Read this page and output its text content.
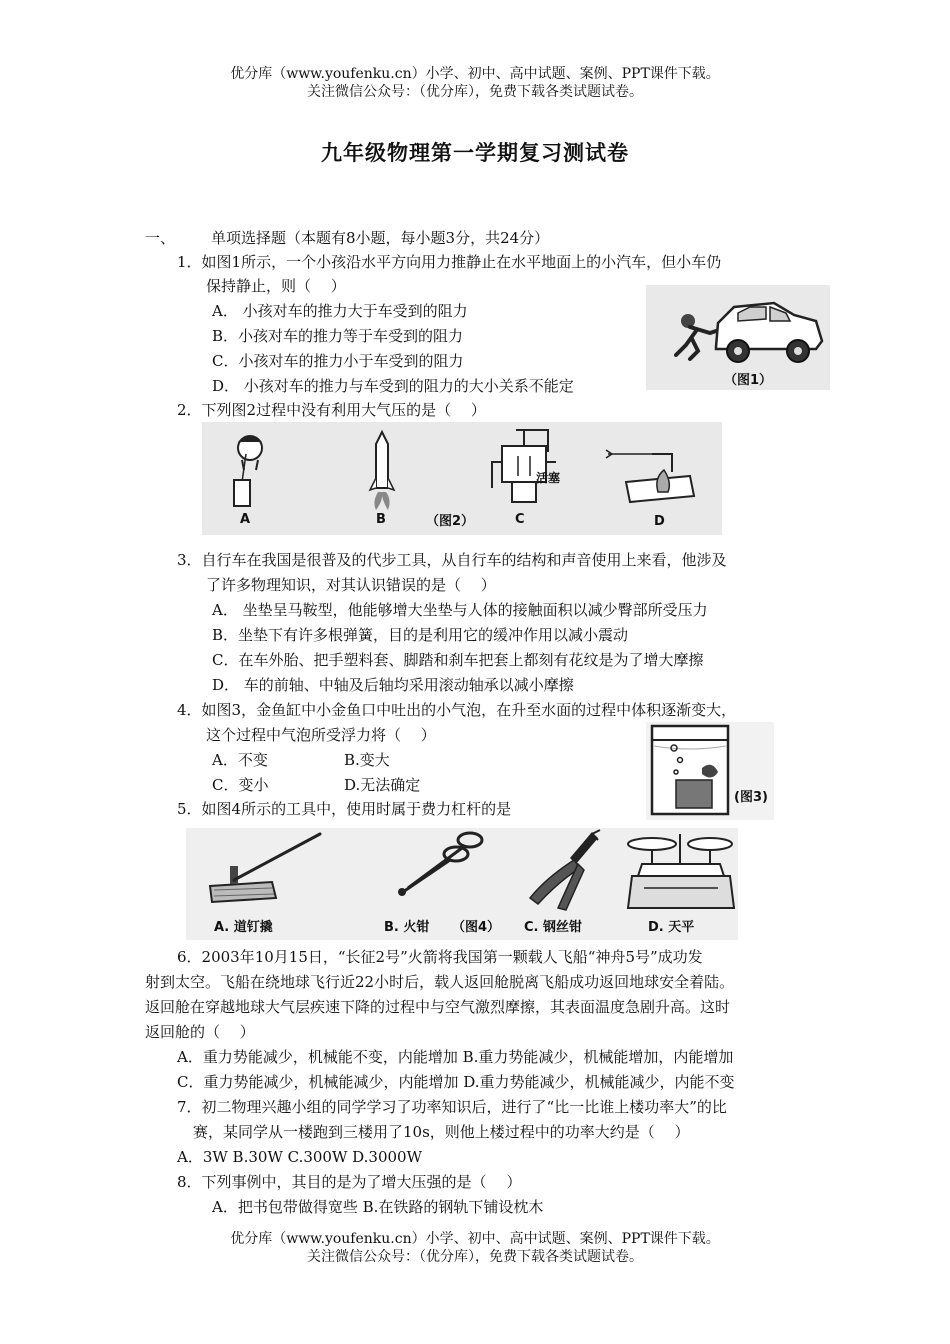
优分库（www.youfenku.cn）小学、初中、高中试题、案例、PPT课件下载。
关注微信公众号：（优分库），免费下载各类试题试卷。
九年级物理第一学期复习测试卷
一、 单项选择题（本题有8小题，每小题3分，共24分）
1．如图1所示，一个小孩沿水平方向用力推静止在水平地面上的小汽车，但小车仍
保持静止，则（　 ）
A． 小孩对车的推力大于车受到的阻力
B．小孩对车的推力等于车受到的阻力
C．小孩对车的推力小于车受到的阻力
D． 小孩对车的推力与车受到的阻力的大小关系不能定	（图1）
2．下列图2过程中没有利用大气压的是（　 ）
活塞
A	B	（图2）	C	D
3．自行车在我国是很普及的代步工具，从自行车的结构和声音使用上来看，他涉及
了许多物理知识，对其认识错误的是（　 ）
A． 坐垫呈马鞍型，他能够增大坐垫与人体的接触面积以减少臀部所受压力
B．坐垫下有许多根弹簧，目的是利用它的缓冲作用以减小震动
C．在车外胎、把手塑料套、脚踏和刹车把套上都刻有花纹是为了增大摩擦
D． 车的前轴、中轴及后轴均采用滚动轴承以减小摩擦
4．如图3，金鱼缸中小金鱼口中吐出的小气泡，在升至水面的过程中体积逐渐变大，
这个过程中气泡所受浮力将（　 ）
A．不变	B.变大
C．变小	D.无法确定
(图3)
5．如图4所示的工具中，使用时属于费力杠杆的是
A. 道钉撬	B. 火钳 （图4） C. 钢丝钳	D. 天平
6．2003年10月15日，“长征2号”火箭将我国第一颗载人飞船“神舟5号”成功发
射到太空。飞船在绕地球飞行近22小时后，载人返回舱脱离飞船成功返回地球安全着陆。
返回舱在穿越地球大气层疾速下降的过程中与空气激烈摩擦，其表面温度急剧升高。这时
返回舱的（　 ）
A．重力势能减少，机械能不变，内能增加 B.重力势能减少，机械能增加，内能增加
C．重力势能减少，机械能减少，内能增加 D.重力势能减少，机械能减少，内能不变
7．初二物理兴趣小组的同学学习了功率知识后，进行了“比一比谁上楼功率大”的比
赛，某同学从一楼跑到三楼用了10s，则他上楼过程中的功率大约是（　 ）
A．3W B.30W C.300W D.3000W
8．下列事例中，其目的是为了增大压强的是（　 ）
A．把书包带做得宽些 B.在铁路的钢轨下铺设枕木
优分库（www.youfenku.cn）小学、初中、高中试题、案例、PPT课件下载。
关注微信公众号：（优分库），免费下载各类试题试卷。
